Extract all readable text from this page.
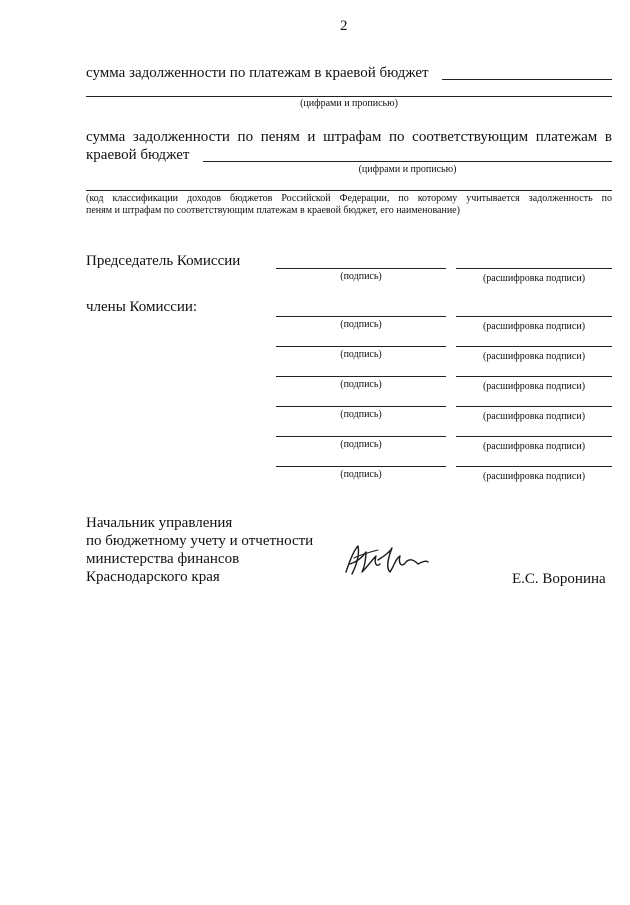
2
сумма задолженности по платежам в краевой бюджет
(цифрами и прописью)
сумма задолженности по пеням и штрафам по соответствующим платежам в
краевой бюджет
(цифрами и прописью)
(код классификации доходов бюджетов Российской Федерации, по которому учитывается задолженность по
пеням и штрафам по соответствующим платежам в краевой бюджет, его наименование)
Председатель Комиссии
(подпись)	(расшифровка подписи)
члены Комиссии:
(подпись)	(расшифровка подписи)
(подпись)	(расшифровка подписи)
(подпись)	(расшифровка подписи)
(подпись)	(расшифровка подписи)
(подпись)	(расшифровка подписи)
(подпись)	(расшифровка подписи)
Начальник управления
по бюджетному учету и отчетности
министерства финансов
Краснодарского края	Е.С. Воронина
